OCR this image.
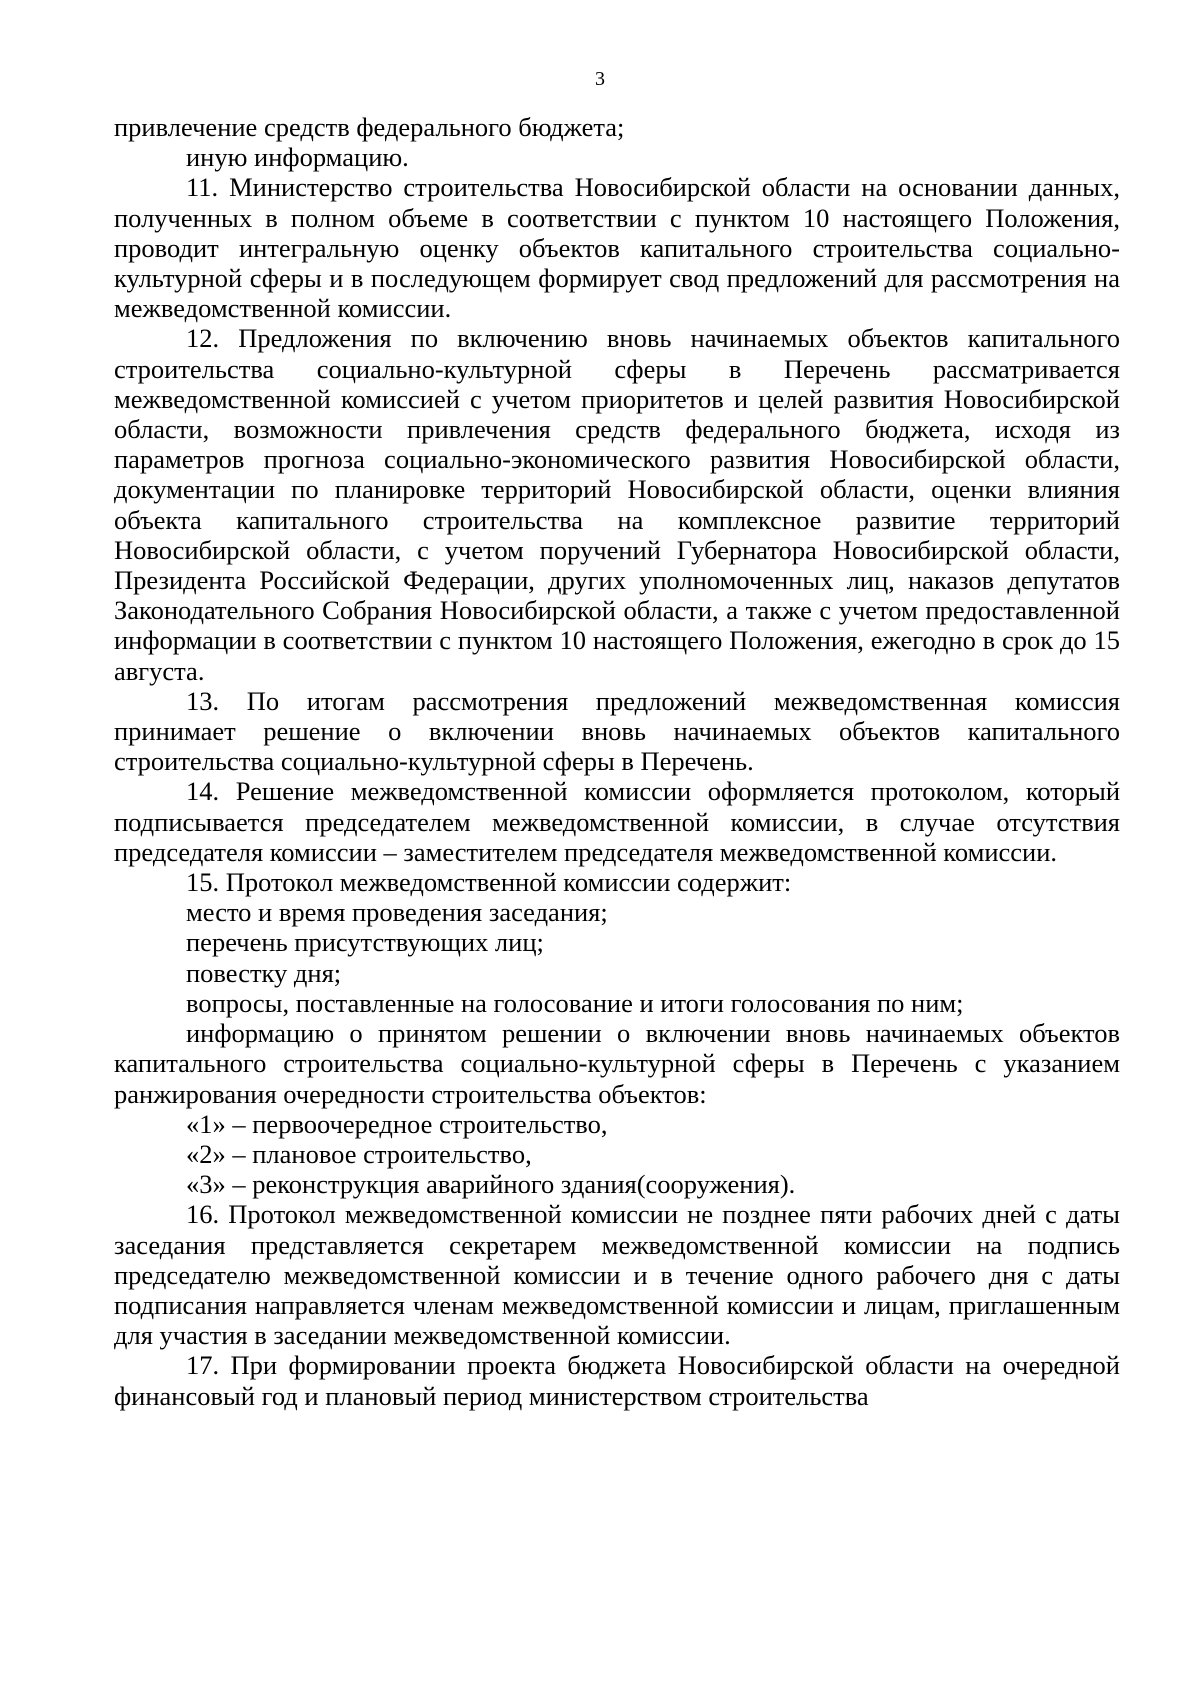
3

привлечение средств федерального бюджета;

иную информацию.

11. Министерство строительства Новосибирской области на основании данных, полученных в полном объеме в соответствии с пунктом 10 настоящего Положения, проводит интегральную оценку объектов капитального строительства социально-культурной сферы и в последующем формирует свод предложений для рассмотрения на межведомственной комиссии.

12. Предложения по включению вновь начинаемых объектов капитального строительства социально-культурной сферы в Перечень рассматривается межведомственной комиссией с учетом приоритетов и целей развития Новосибирской области, возможности привлечения средств федерального бюджета, исходя из параметров прогноза социально-экономического развития Новосибирской области, документации по планировке территорий Новосибирской области, оценки влияния объекта капитального строительства на комплексное развитие территорий Новосибирской области, с учетом поручений Губернатора Новосибирской области, Президента Российской Федерации, других уполномоченных лиц, наказов депутатов Законодательного Собрания Новосибирской области, а также с учетом предоставленной информации в соответствии с пунктом 10 настоящего Положения, ежегодно в срок до 15 августа.

13. По итогам рассмотрения предложений межведомственная комиссия принимает решение о включении вновь начинаемых объектов капитального строительства социально-культурной сферы в Перечень.

14. Решение межведомственной комиссии оформляется протоколом, который подписывается председателем межведомственной комиссии, в случае отсутствия председателя комиссии – заместителем председателя межведомственной комиссии.

15. Протокол межведомственной комиссии содержит:

место и время проведения заседания;

перечень присутствующих лиц;

повестку дня;

вопросы, поставленные на голосование и итоги голосования по ним;

информацию о принятом решении о включении вновь начинаемых объектов капитального строительства социально-культурной сферы в Перечень с указанием ранжирования очередности строительства объектов:

«1» – первоочередное строительство,

«2» – плановое строительство,

«3» – реконструкция аварийного здания(сооружения).

16. Протокол межведомственной комиссии не позднее пяти рабочих дней с даты заседания представляется секретарем межведомственной комиссии на подпись председателю межведомственной комиссии и в течение одного рабочего дня с даты подписания направляется членам межведомственной комиссии и лицам, приглашенным для участия в заседании межведомственной комиссии.

17. При формировании проекта бюджета Новосибирской области на очередной финансовый год и плановый период министерством строительства
